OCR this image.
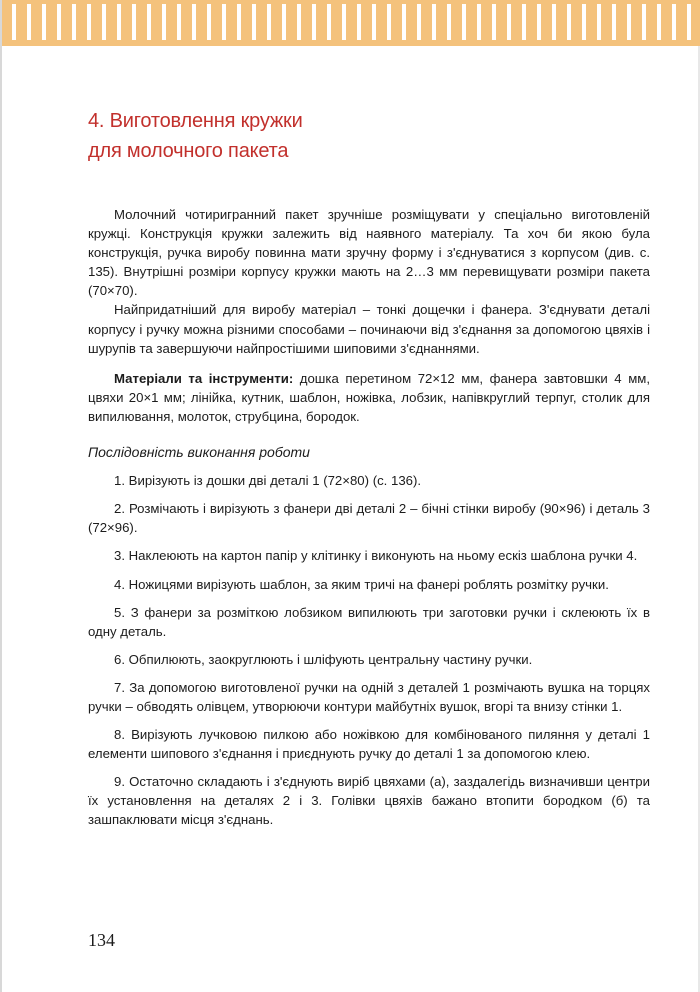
4. Виготовлення кружки
для молочного пакета

Молочний чотиригранний пакет зручніше розміщувати у спеціально виготовленій кружці. Конструкція кружки залежить від наявного матеріалу. Та хоч би якою була конструкція, ручка виробу повинна мати зручну форму і з'єднуватися з корпусом (див. с. 135). Внутрішні розміри корпусу кружки мають на 2…3 мм перевищувати розміри пакета (70×70).

Найпридатніший для виробу матеріал – тонкі дощечки і фанера. З'єднувати деталі корпусу і ручку можна різними способами – починаючи від з'єднання за допомогою цвяхів і шурупів та завершуючи найпростішими шиповими з'єднаннями.

Матеріали та інструменти: дошка перетином 72×12 мм, фанера завтовшки 4 мм, цвяхи 20×1 мм; лінійка, кутник, шаблон, ножівка, лобзик, напівкруглий терпуг, столик для випилювання, молоток, струбцина, бородок.

Послідовність виконання роботи

1. Вирізують із дошки дві деталі 1 (72×80) (с. 136).

2. Розмічають і вирізують з фанери дві деталі 2 – бічні стінки виробу (90×96) і деталь 3 (72×96).

3. Наклеюють на картон папір у клітинку і виконують на ньому ескіз шаблона ручки 4.

4. Ножицями вирізують шаблон, за яким тричі на фанері роблять розмітку ручки.

5. З фанери за розміткою лобзиком випилюють три заготовки ручки і склеюють їх в одну деталь.

6. Обпилюють, заокруглюють і шліфують центральну частину ручки.

7. За допомогою виготовленої ручки на одній з деталей 1 розмічають вушка на торцях ручки – обводять олівцем, утворюючи контури майбутніх вушок, вгорі та внизу стінки 1.

8. Вирізують лучковою пилкою або ножівкою для комбінованого пиляння у деталі 1 елементи шипового з'єднання і приєднують ручку до деталі 1 за допомогою клею.

9. Остаточно складають і з'єднують виріб цвяхами (а), заздалегідь визначивши центри їх установлення на деталях 2 і 3. Голівки цвяхів бажано втопити бородком (б) та зашпаклювати місця з'єднань.

134
